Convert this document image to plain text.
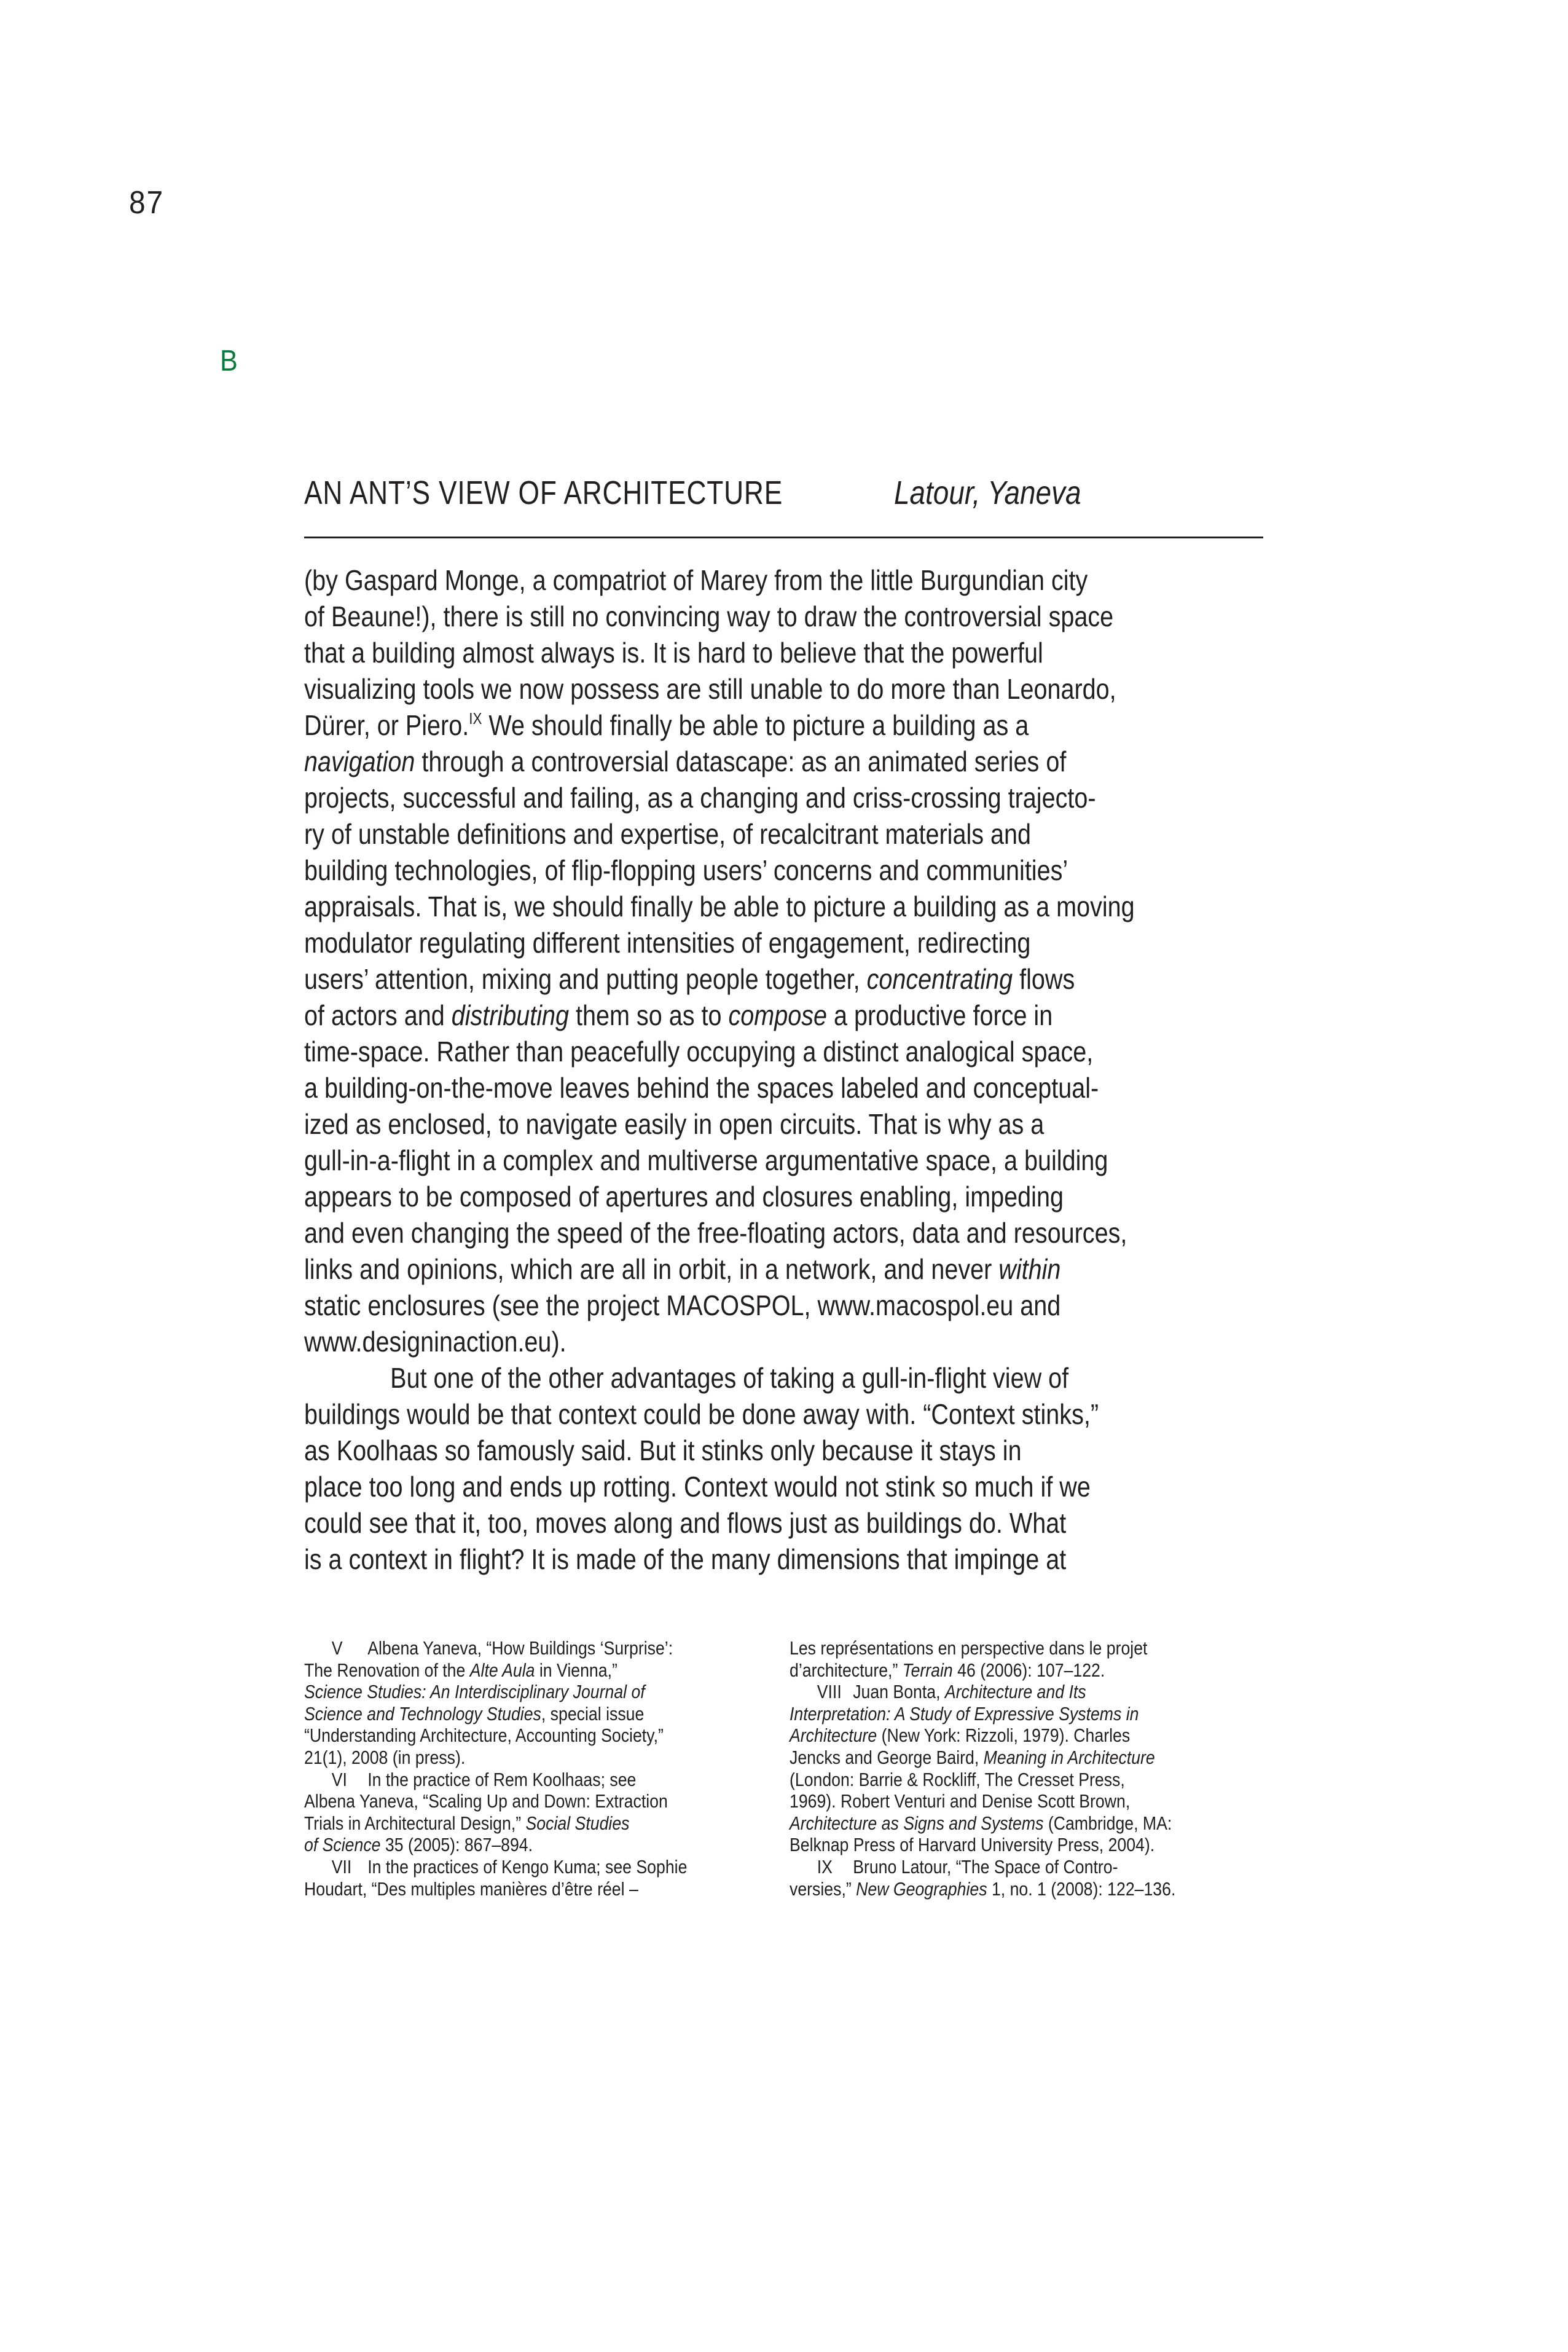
87
B
AN ANT’S VIEW OF ARCHITECTURE	Latour, Yaneva
(by Gaspard Monge, a compatriot of Marey from the little Burgundian city
of Beaune!), there is still no convincing way to draw the controversial space
that a building almost always is. It is hard to believe that the powerful
visualizing tools we now possess are still unable to do more than Leonardo,
Dürer, or Piero.$^{IX}$ We should finally be able to picture a building as a
navigation through a controversial datascape: as an animated series of
projects, successful and failing, as a changing and criss-crossing trajecto-
ry of unstable definitions and expertise, of recalcitrant materials and
building technologies, of flip-flopping users’ concerns and communities’
appraisals. That is, we should finally be able to picture a building as a moving
modulator regulating different intensities of engagement, redirecting
users’ attention, mixing and putting people together, concentrating flows
of actors and distributing them so as to compose a productive force in
time-space. Rather than peacefully occupying a distinct analogical space,
a building-on-the-move leaves behind the spaces labeled and conceptual-
ized as enclosed, to navigate easily in open circuits. That is why as a
gull-in-a-flight in a complex and multiverse argumentative space, a building
appears to be composed of apertures and closures enabling, impeding
and even changing the speed of the free-floating actors, data and resources,
links and opinions, which are all in orbit, in a network, and never within
static enclosures (see the project MACOSPOL, www.macospol.eu and
www.designinaction.eu).
But one of the other advantages of taking a gull-in-flight view of
buildings would be that context could be done away with. “Context stinks,”
as Koolhaas so famously said. But it stinks only because it stays in
place too long and ends up rotting. Context would not stink so much if we
could see that it, too, moves along and flows just as buildings do. What
is a context in flight? It is made of the many dimensions that impinge at
V Albena Yaneva, “How Buildings ‘Surprise’:
The Renovation of the Alte Aula in Vienna,”
Science Studies: An Interdisciplinary Journal of
Science and Technology Studies, special issue
“Understanding Architecture, Accounting Society,”
21(1), 2008 (in press).
VI In the practice of Rem Koolhaas; see
Albena Yaneva, “Scaling Up and Down: Extraction
Trials in Architectural Design,” Social Studies
of Science 35 (2005): 867–894.
VII In the practices of Kengo Kuma; see Sophie
Houdart, “Des multiples manières d’être réel –
Les représentations en perspective dans le projet
d’architecture,” Terrain 46 (2006): 107–122.
VIII Juan Bonta, Architecture and Its
Interpretation: A Study of Expressive Systems in
Architecture (New York: Rizzoli, 1979). Charles
Jencks and George Baird, Meaning in Architecture
(London: Barrie & Rockliff, The Cresset Press,
1969). Robert Venturi and Denise Scott Brown,
Architecture as Signs and Systems (Cambridge, MA:
Belknap Press of Harvard University Press, 2004).
IX Bruno Latour, “The Space of Contro-
versies,” New Geographies 1, no. 1 (2008): 122–136.
